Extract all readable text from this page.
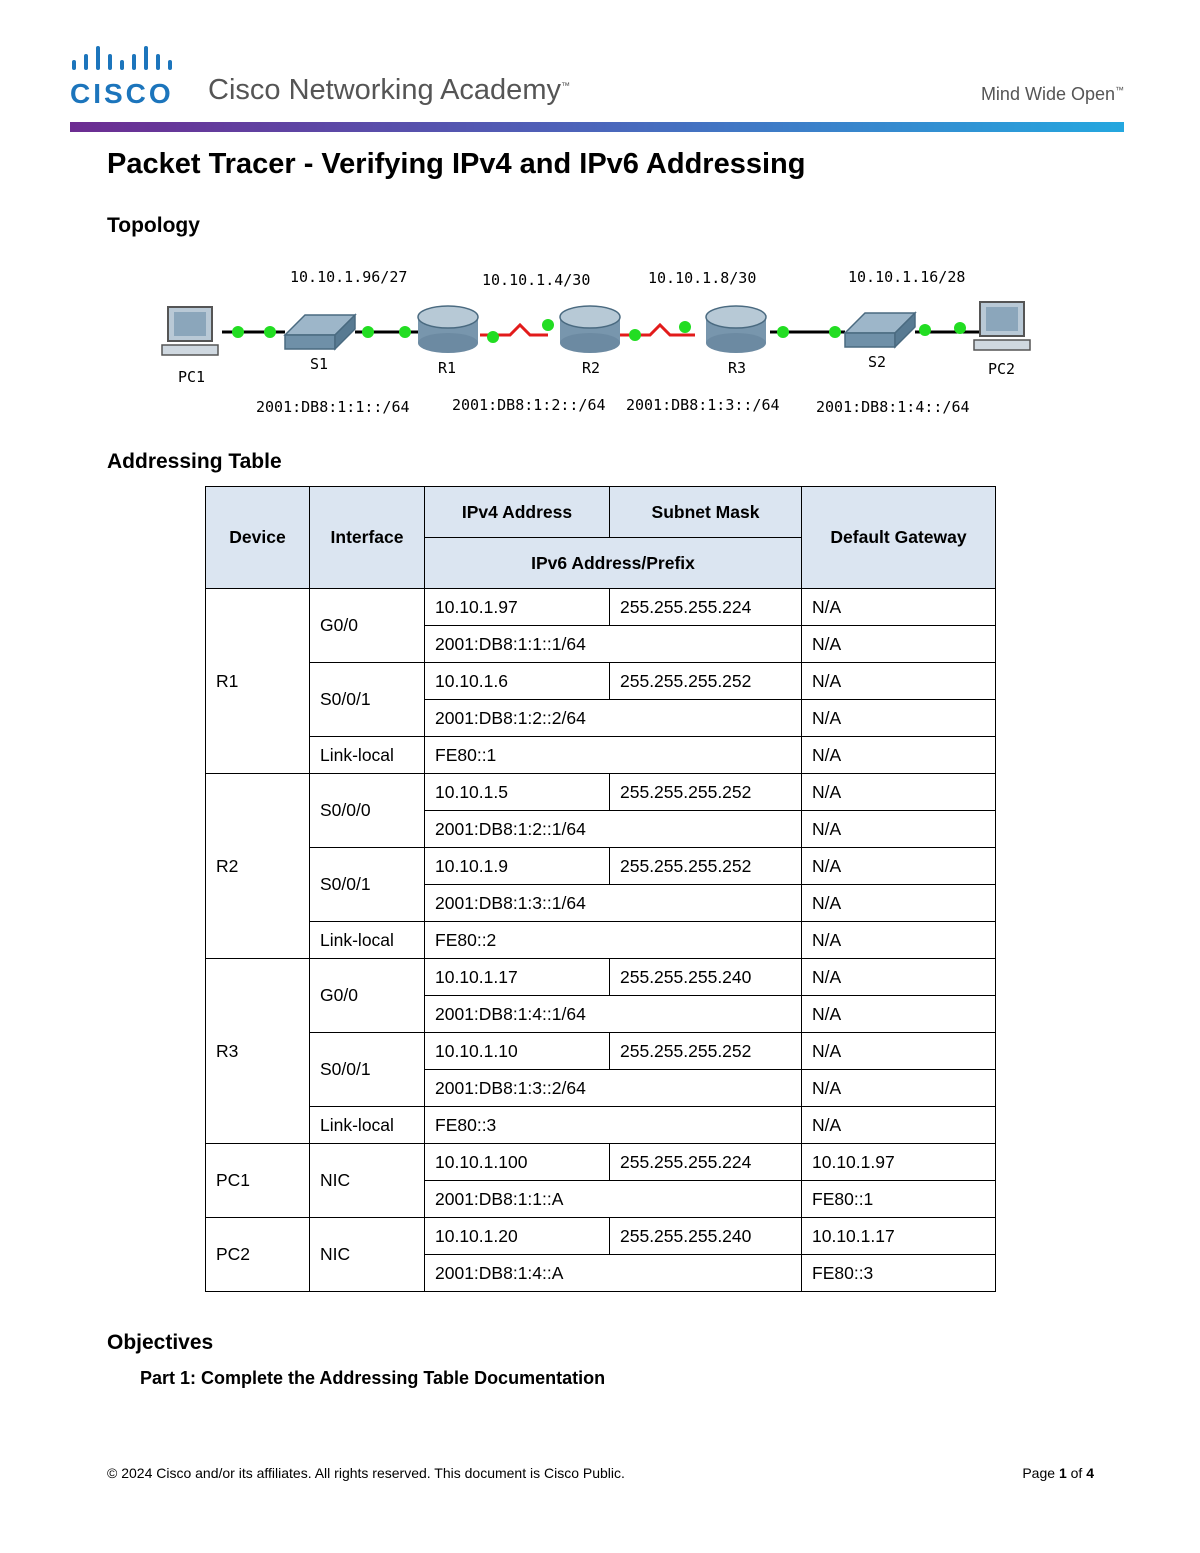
CISCO Cisco Networking Academy™	Mind Wide Open™
Packet Tracer - Verifying IPv4 and IPv6 Addressing
Topology
PC1
S1	R1	R2	R3	S2	PC2
10.10.1.96/27	10.10.1.4/30	10.10.1.8/30	10.10.1.16/28
2001:DB8:1:1::/64	2001:DB8:1:2::/64 2001:DB8:1:3::/64 2001:DB8:1:4::/64
Addressing Table
Device	Interface	IPv4 Address	Subnet Mask	Default Gateway
		IPv6 Address/Prefix		
R1	G0/0	10.10.1.97	255.255.255.224	N/A
		2001:DB8:1:1::1/64		N/A
	S0/0/1	10.10.1.6	255.255.255.252	N/A
		2001:DB8:1:2::2/64		N/A
	Link-local	FE80::1		N/A
R2	S0/0/0	10.10.1.5	255.255.255.252	N/A
		2001:DB8:1:2::1/64		N/A
	S0/0/1	10.10.1.9	255.255.255.252	N/A
		2001:DB8:1:3::1/64		N/A
	Link-local	FE80::2		N/A
R3	G0/0	10.10.1.17	255.255.255.240	N/A
		2001:DB8:1:4::1/64		N/A
	S0/0/1	10.10.1.10	255.255.255.252	N/A
		2001:DB8:1:3::2/64		N/A
	Link-local	FE80::3		N/A
PC1	NIC	10.10.1.100	255.255.255.224	10.10.1.97
		2001:DB8:1:1::A		FE80::1
PC2	NIC	10.10.1.20	255.255.255.240	10.10.1.17
		2001:DB8:1:4::A		FE80::3
Objectives
Part 1: Complete the Addressing Table Documentation
© 2024 Cisco and/or its affiliates. All rights reserved. This document is Cisco Public.	Page 1 of 4
